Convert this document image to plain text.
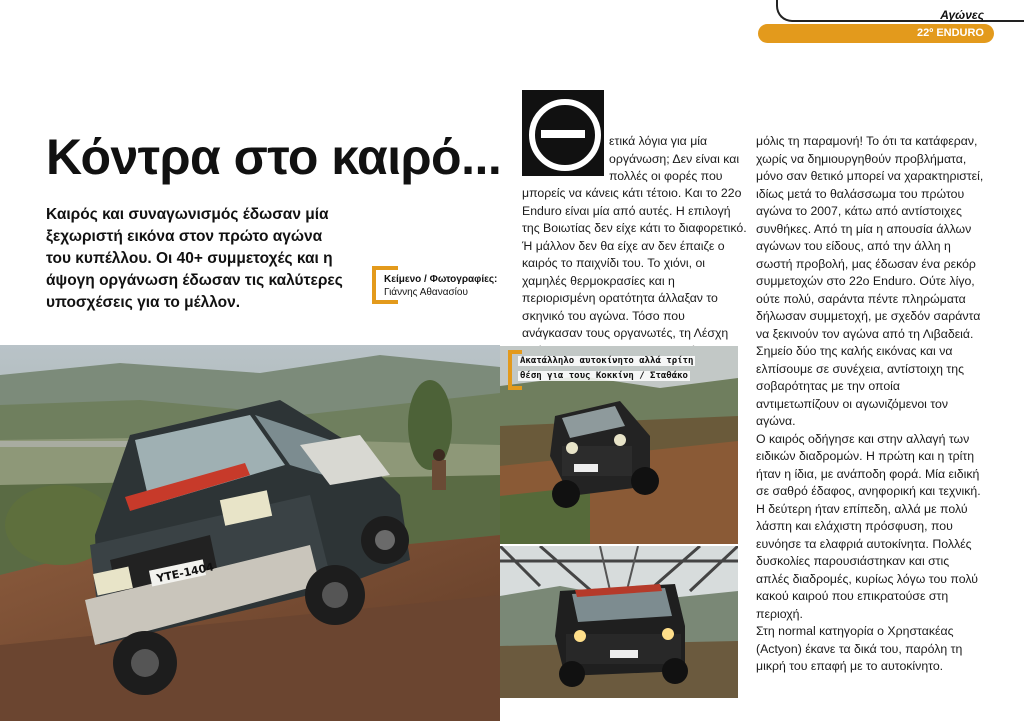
Αγώνες
22º ENDURO
Κόντρα στο καιρό...
Καιρός και συναγωνισμός έδωσαν μία ξεχωριστή εικόνα στον πρώτο αγώνα του κυπέλλου. Οι 40+ συμμετοχές και η άψογη οργάνωση έδωσαν τις καλύτερες υποσχέσεις για το μέλλον.
Κείμενο / Φωτογραφίες:
Γιάννης Αθανασίου
ετικά λόγια για μία οργάνωση; Δεν είναι και πολλές οι φορές που
μπορείς να κάνεις κάτι τέτοιο. Και το 22ο Enduro είναι μία από αυτές. Η επιλογή της Βοιωτίας δεν είχε κάτι το διαφορετικό. Ή μάλλον δεν θα είχε αν δεν έπαιζε ο καιρός το παιχνίδι του. Το χιόνι, οι χαμηλές θερμοκρασίες και η περιορισμένη ορατότητα άλλαξαν το σκηνικό του αγώνα. Τόσο που ανάγκασαν τους οργανωτές, τη Λέσχη
μόλις τη παραμονή! Το ότι τα κατάφεραν, χωρίς να δημιουργηθούν προβλήματα, μόνο σαν θετικό μπορεί να χαρακτηριστεί, ιδίως μετά το θαλάσσωμα του πρώτου αγώνα το 2007, κάτω από αντίστοιχες συνθήκες. Από τη μία η απουσία άλλων αγώνων του είδους, από την άλλη η σωστή προβολή, μας έδωσαν ένα ρεκόρ συμμετοχών στο 22ο Enduro. Ούτε λίγο, ούτε πολύ, σαράντα πέντε πληρώματα δήλωσαν συμμετοχή, με σχεδόν σαράντα να ξεκινούν τον αγώνα από τη Λιβαδειά. Σημείο δύο της καλής εικόνας και να ελπίσουμε σε συνέχεια, αντίστοιχη της σοβαρότητας με την οποία αντιμετωπίζουν οι αγωνιζόμενοι τον αγώνα.
Ο καιρός οδήγησε και στην αλλαγή των ειδικών διαδρομών. Η πρώτη και η τρίτη ήταν η ίδια, με ανάποδη φορά. Μία ειδική σε σαθρό έδαφος, ανηφορική και τεχνική. Η δεύτερη ήταν επίπεδη, αλλά με πολύ λάσπη και ελάχιστη πρόσφυση, που ευνόησε τα ελαφριά αυτοκίνητα. Πολλές δυσκολίες παρουσιάστηκαν και στις απλές διαδρομές, κυρίως λόγω του πολύ κακού καιρού που επικρατούσε στη περιοχή.
Στη normal κατηγορία ο Χρηστακέας (Actyon) έκανε τα δικά του, παρόλη τη μικρή του επαφή με το αυτοκίνητο.
ΥΤΕ-1404
Ακατάλληλο αυτοκίνητο αλλά τρίτη
θέση για τους Κοκκίνη / Σταθάκο
